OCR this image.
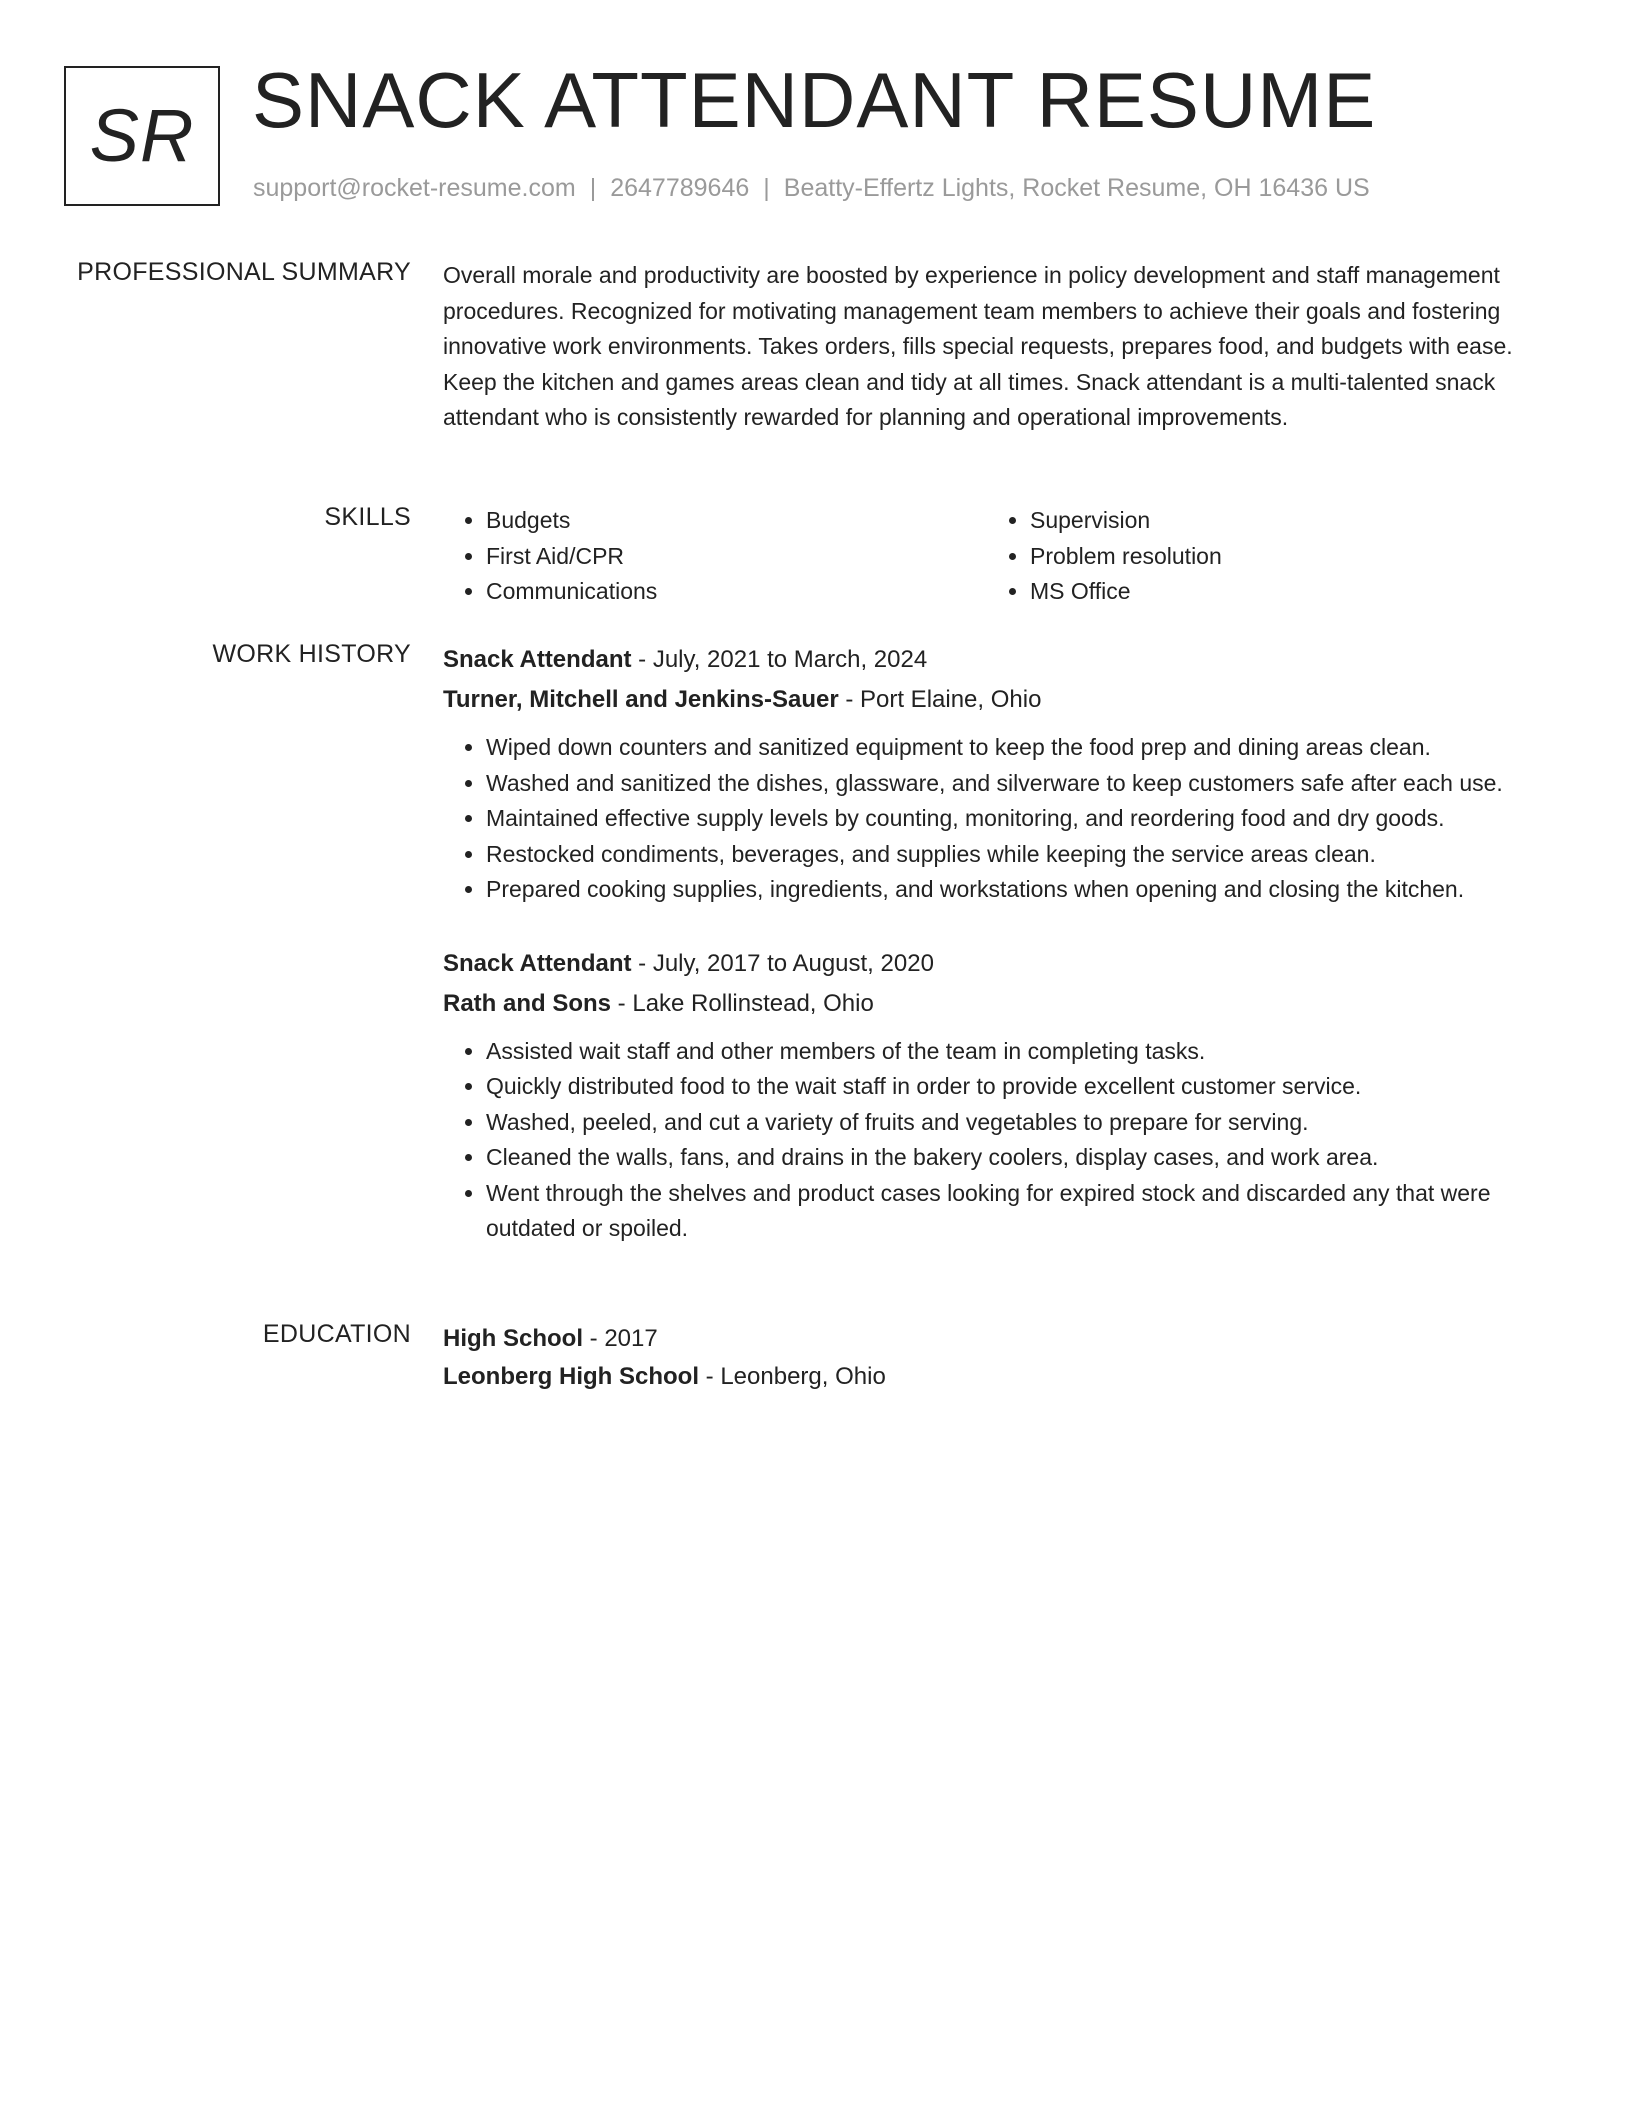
SR SNACK ATTENDANT RESUME
support@rocket-resume.com | 2647789646 | Beatty-Effertz Lights, Rocket Resume, OH 16436 US
PROFESSIONAL SUMMARY Overall morale and productivity are boosted by experience in policy development and staff management procedures. Recognized for motivating management team members to achieve their goals and fostering innovative work environments. Takes orders, fills special requests, prepares food, and budgets with ease. Keep the kitchen and games areas clean and tidy at all times. Snack attendant is a multi-talented snack attendant who is consistently rewarded for planning and operational improvements.

SKILLS
•	Budgets
• First Aid/CPR
• Communications
• Supervision
• Problem resolution
• MS Office
WORK HISTORY Snack Attendant - July, 2021 to March, 2024
Turner, Mitchell and Jenkins-Sauer - Port Elaine, Ohio
• Wiped down counters and sanitized equipment to keep the food prep and dining areas clean.
• Washed and sanitized the dishes, glassware, and silverware to keep customers safe after each use.
• Maintained effective supply levels by counting, monitoring, and reordering food and dry goods.
• Restocked condiments, beverages, and supplies while keeping the service areas clean.
• Prepared cooking supplies, ingredients, and workstations when opening and closing the kitchen.
Snack Attendant - July, 2017 to August, 2020
Rath and Sons - Lake Rollinstead, Ohio
• Assisted wait staff and other members of the team in completing tasks.
• Quickly distributed food to the wait staff in order to provide excellent customer service.
• Washed, peeled, and cut a variety of fruits and vegetables to prepare for serving.
• Cleaned the walls, fans, and drains in the bakery coolers, display cases, and work area.
• Went through the shelves and product cases looking for expired stock and discarded any that were outdated or spoiled.
EDUCATION High School - 2017
Leonberg High School - Leonberg, Ohio
